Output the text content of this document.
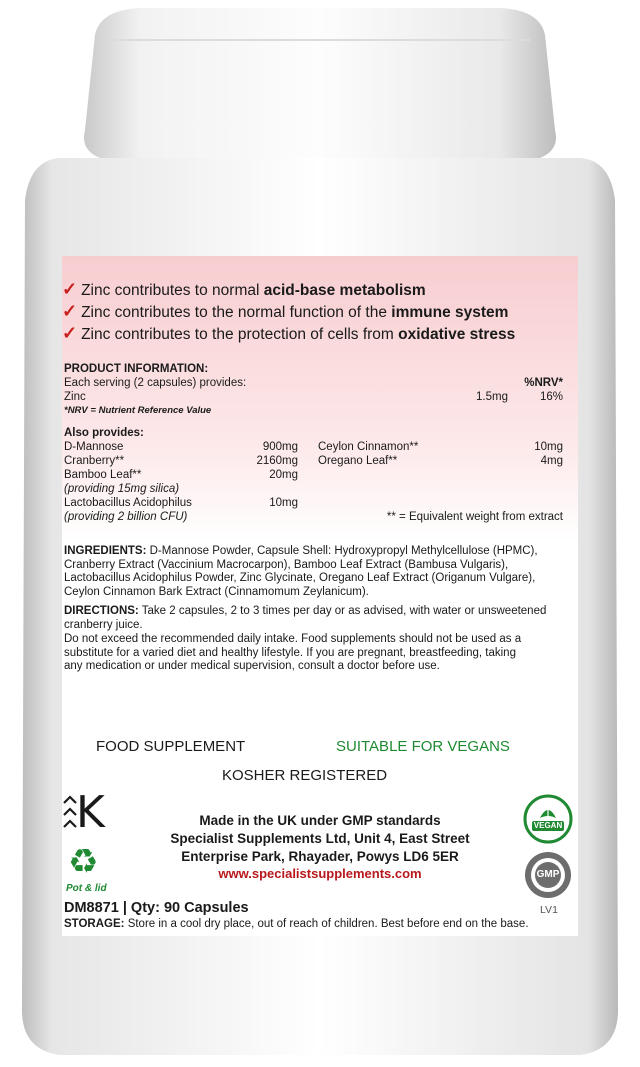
✓ Zinc contributes to normal acid-base metabolism
✓ Zinc contributes to the normal function of the immune system
✓ Zinc contributes to the protection of cells from oxidative stress
PRODUCT INFORMATION:
Each serving (2 capsules) provides:	%NRV*
Zinc	1.5mg	16%
*NRV = Nutrient Reference Value
Also provides:
D-Mannose	900mg
Cranberry**	2160mg
Bamboo Leaf**	20mg
(providing 15mg silica)
Lactobacillus Acidophilus	10mg
(providing 2 billion CFU)
Ceylon Cinnamon**	10mg
Oregano Leaf**	4mg
** = Equivalent weight from extract
INGREDIENTS: D-Mannose Powder, Capsule Shell: Hydroxypropyl Methylcellulose (HPMC),
Cranberry Extract (Vaccinium Macrocarpon), Bamboo Leaf Extract (Bambusa Vulgaris),
Lactobacillus Acidophilus Powder, Zinc Glycinate, Oregano Leaf Extract (Origanum Vulgare),
Ceylon Cinnamon Bark Extract (Cinnamomum Zeylanicum).
DIRECTIONS: Take 2 capsules, 2 to 3 times per day or as advised, with water or unsweetened
cranberry juice.
Do not exceed the recommended daily intake. Food supplements should not be used as a
substitute for a varied diet and healthy lifestyle. If you are pregnant, breastfeeding, taking
any medication or under medical supervision, consult a doctor before use.
FOOD SUPPLEMENT	SUITABLE FOR VEGANS
KOSHER REGISTERED
K
♻
Pot & lid
Made in the UK under GMP standards
Specialist Supplements Ltd, Unit 4, East Street
Enterprise Park, Rhayader, Powys LD6 5ER
www.specialistsupplements.com
VEGAN
GMP
DM8871 | Qty: 90 Capsules	LV1
STORAGE: Store in a cool dry place, out of reach of children. Best before end on the base.
